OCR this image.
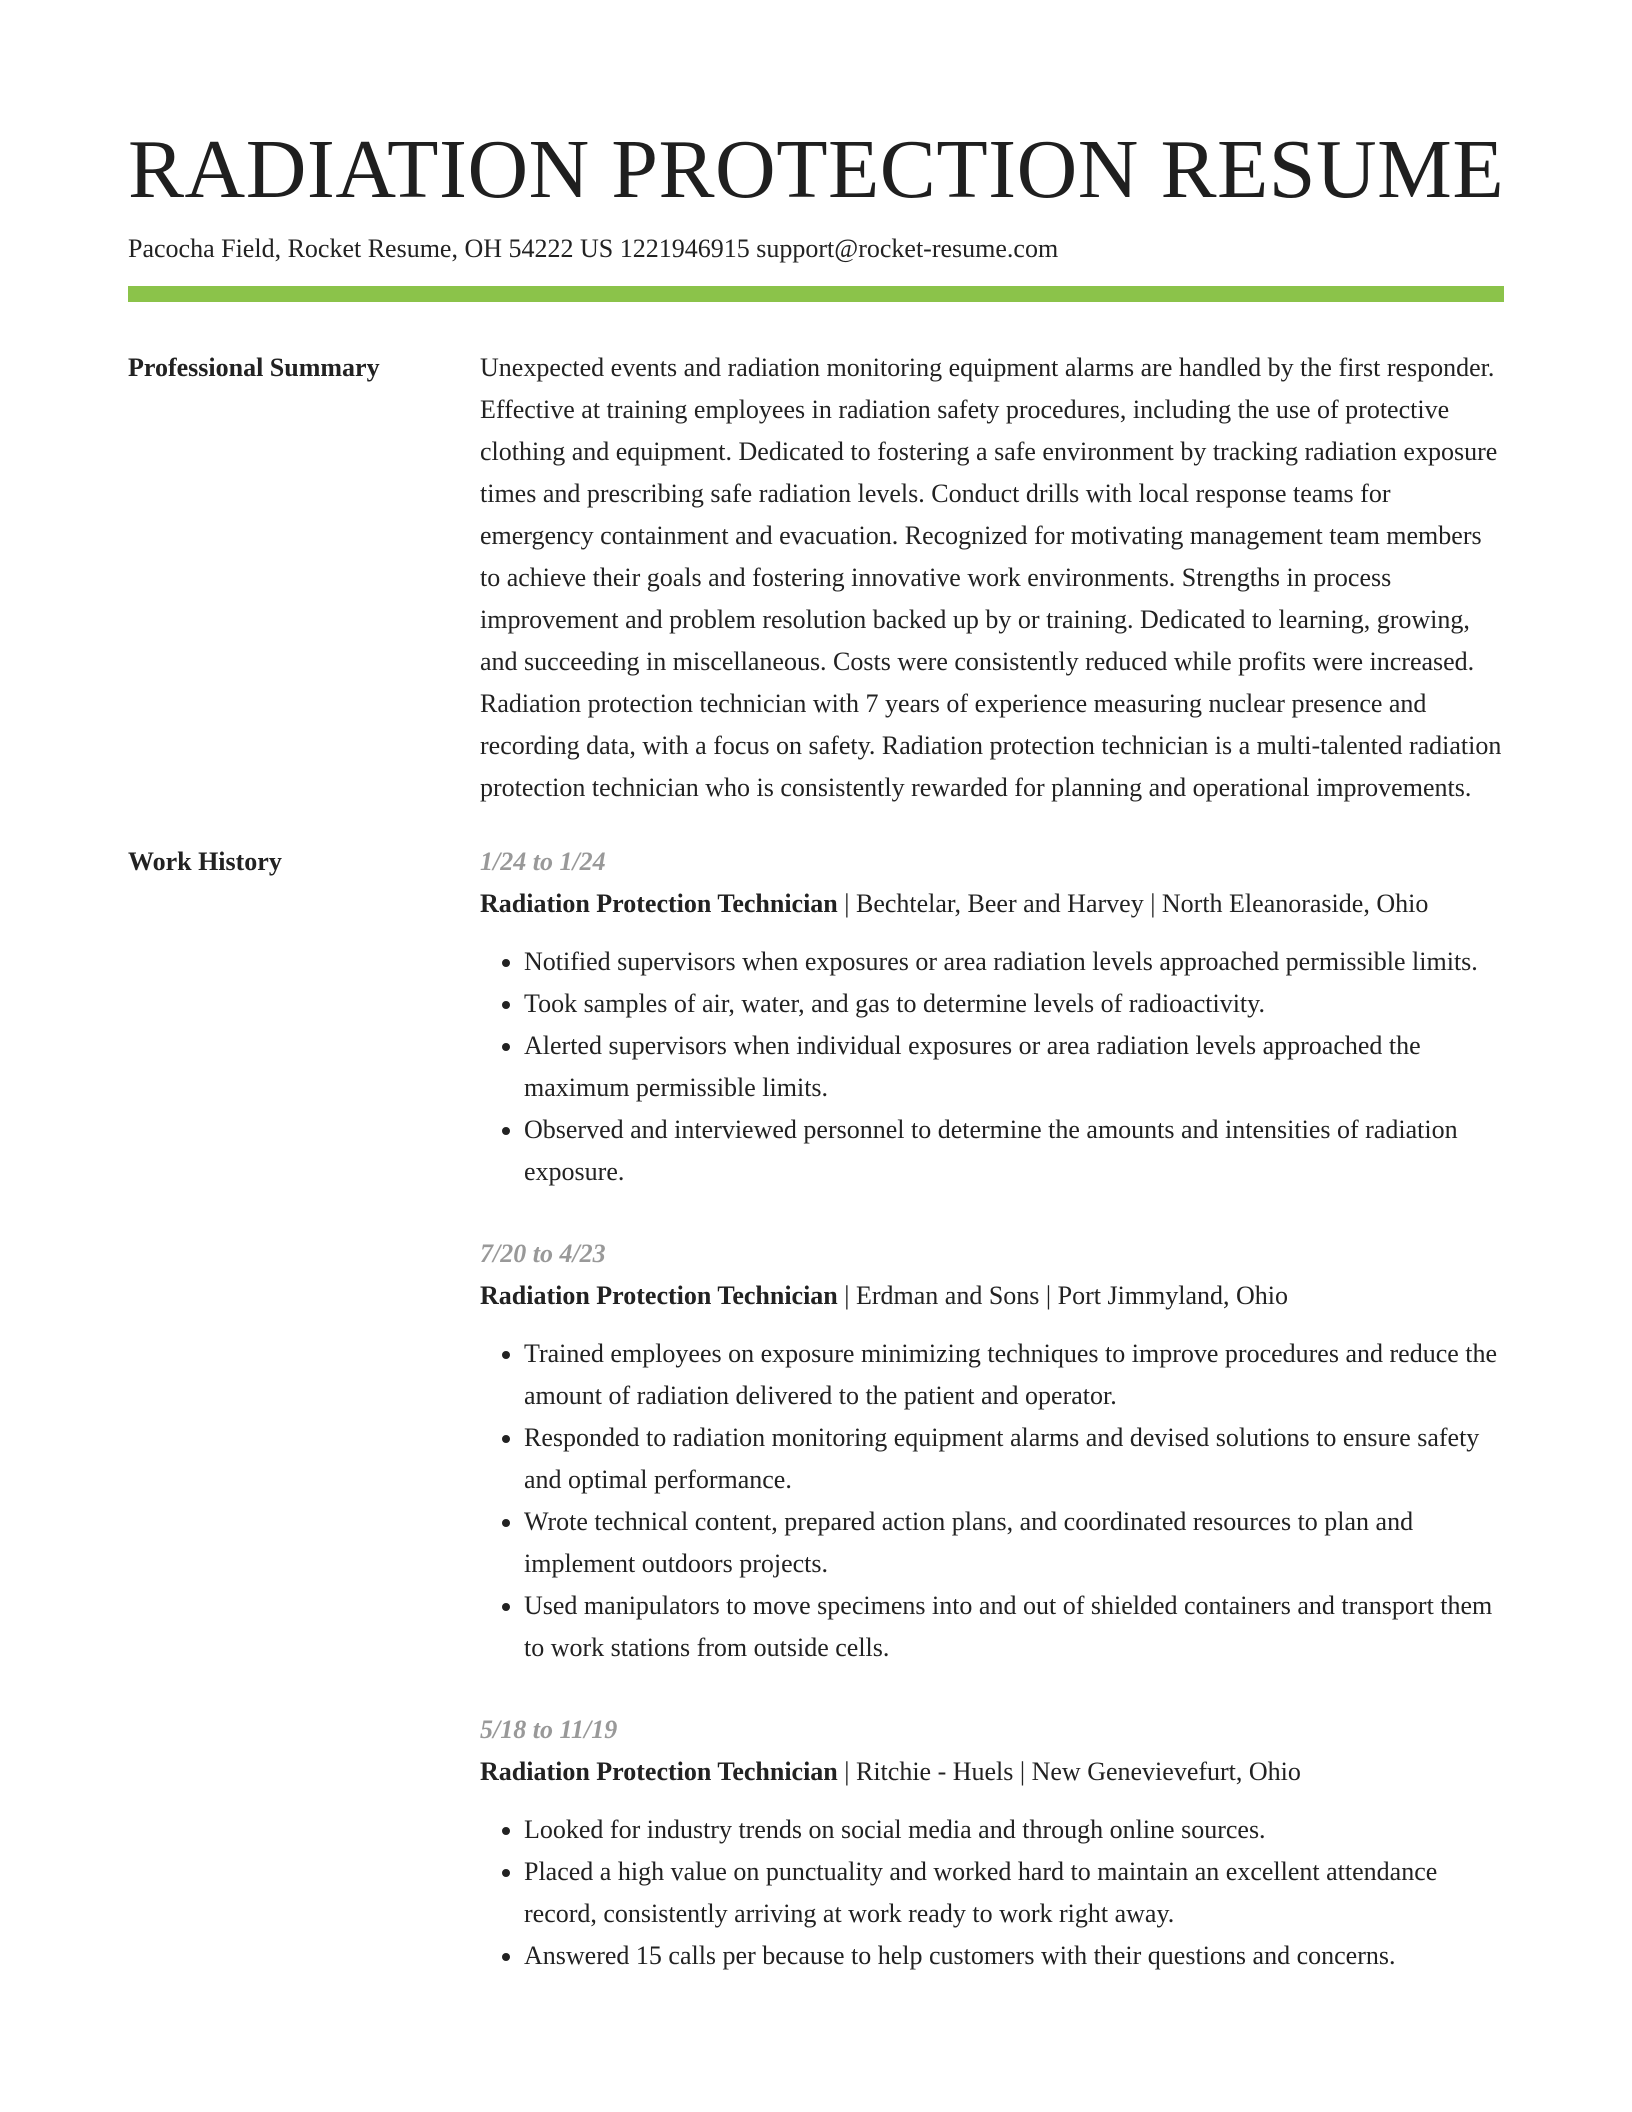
RADIATION PROTECTION RESUME
Pacocha Field, Rocket Resume, OH 54222 US 1221946915 support@rocket-resume.com
Professional Summary	Unexpected events and radiation monitoring equipment alarms are handled by the first responder. Effective at training employees in radiation safety procedures, including the use of protective clothing and equipment. Dedicated to fostering a safe environment by tracking radiation exposure times and prescribing safe radiation levels. Conduct drills with local response teams for emergency containment and evacuation. Recognized for motivating management team members to achieve their goals and fostering innovative work environments. Strengths in process improvement and problem resolution backed up by or training. Dedicated to learning, growing, and succeeding in miscellaneous. Costs were consistently reduced while profits were increased. Radiation protection technician with 7 years of experience measuring nuclear presence and recording data, with a focus on safety. Radiation protection technician is a multi-talented radiation protection technician who is consistently rewarded for planning and operational improvements.

Work History	1/24 to 1/24

Radiation Protection Technician | Bechtelar, Beer and Harvey | North Eleanoraside, Ohio

• Notified supervisors when exposures or area radiation levels approached permissible limits.
• Took samples of air, water, and gas to determine levels of radioactivity.
• Alerted supervisors when individual exposures or area radiation levels approached the maximum permissible limits.
• Observed and interviewed personnel to determine the amounts and intensities of radiation exposure.
7/20 to 4/23

Radiation Protection Technician | Erdman and Sons | Port Jimmyland, Ohio

• Trained employees on exposure minimizing techniques to improve procedures and reduce the amount of radiation delivered to the patient and operator.
• Responded to radiation monitoring equipment alarms and devised solutions to ensure safety and optimal performance.
• Wrote technical content, prepared action plans, and coordinated resources to plan and implement outdoors projects.
• Used manipulators to move specimens into and out of shielded containers and transport them to work stations from outside cells.
5/18 to 11/19

Radiation Protection Technician | Ritchie - Huels | New Genevievefurt, Ohio

• Looked for industry trends on social media and through online sources.
• Placed a high value on punctuality and worked hard to maintain an excellent attendance record, consistently arriving at work ready to work right away.
• Answered 15 calls per because to help customers with their questions and concerns.
